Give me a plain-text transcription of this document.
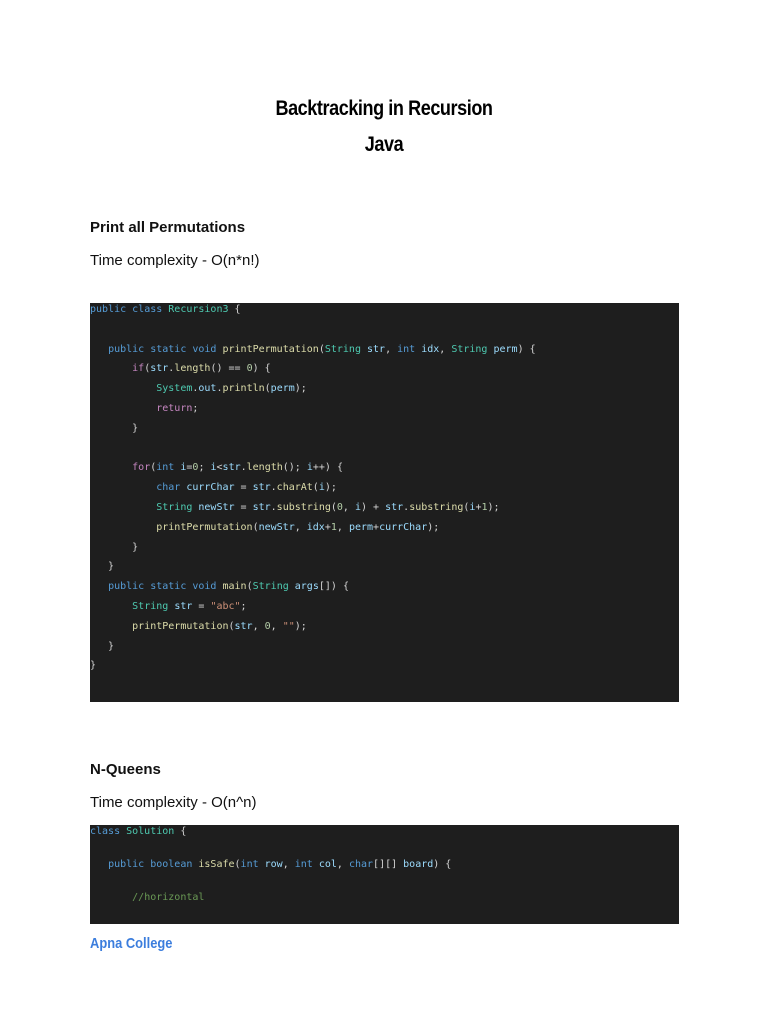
Backtracking in Recursion
Java
Print all Permutations
Time complexity - O(n*n!)
public class Recursion3 {
public static void printPermutation(String str, int idx, String perm) {
if(str.length() == 0) {
System.out.println(perm);
return;
}
for(int i=0; i<str.length(); i++) {
char currChar = str.charAt(i);
String newStr = str.substring(0, i) + str.substring(i+1);
printPermutation(newStr, idx+1, perm+currChar);
}
}
public static void main(String args[]) {
String str = "abc";
printPermutation(str, 0, "");
}
}
N-Queens
Time complexity - O(n^n)
class Solution {
public boolean isSafe(int row, int col, char[][] board) {
//horizontal
Apna College
